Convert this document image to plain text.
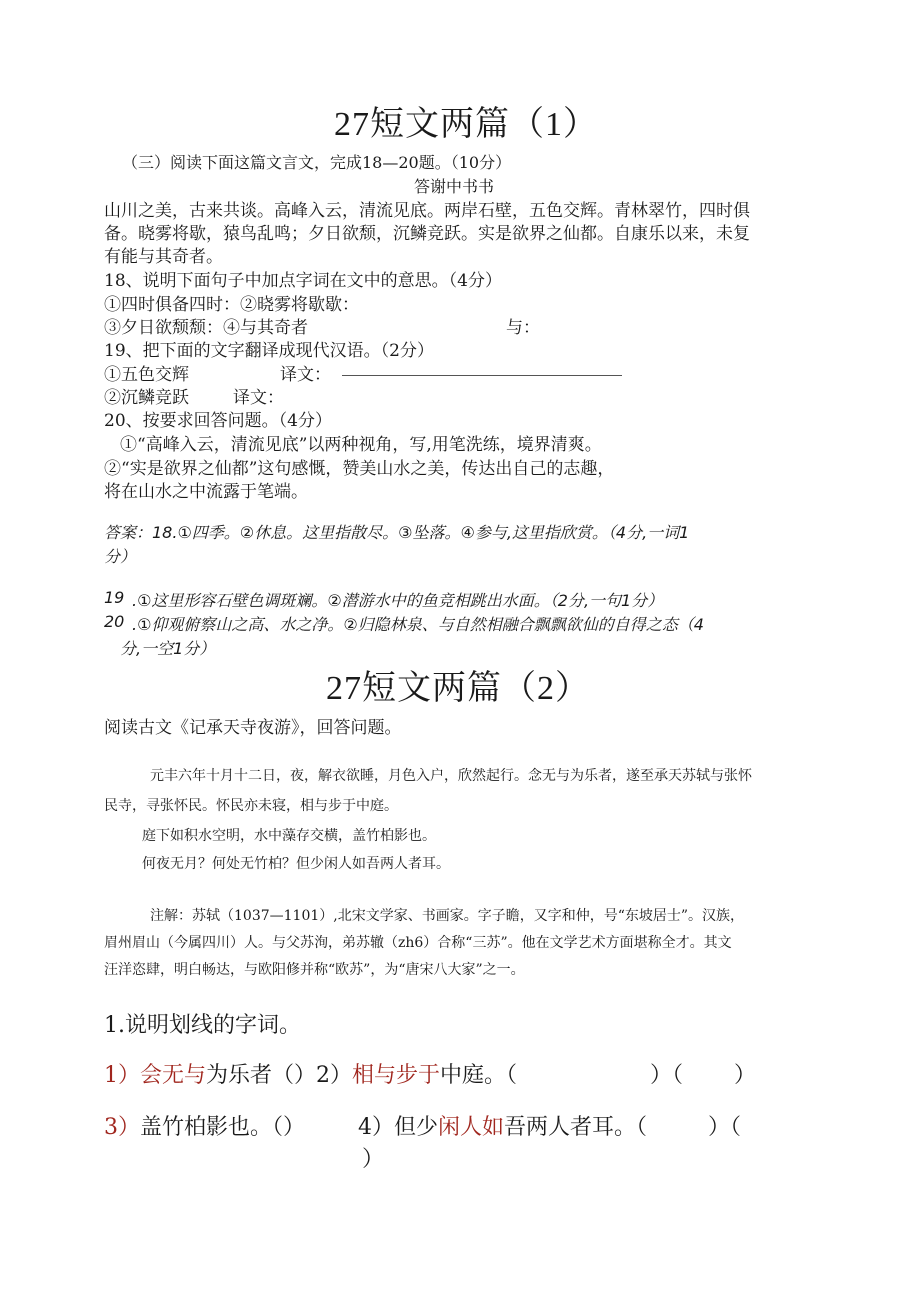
27短文两篇（1）
（三）阅读下面这篇文言文，完成18—20题。（10分）
答谢中书书
山川之美，古来共谈。高峰入云，清流见底。两岸石壁，五色交辉。青林翠竹，四时俱
备。晓雾将歇，猿鸟乱鸣；夕日欲颓，沉鳞竞跃。实是欲界之仙都。自康乐以来，未复
有能与其奇者。
18、说明下面句子中加点字词在文中的意思。（4分）
①四时俱备四时：②晓雾将歇歇：
③夕日欲颓颓：④与其奇者	与：
19、把下面的文字翻译成现代汉语。（2分）
①五色交辉	译文：
②沉鳞竞跃	译文：
20、按要求回答问题。（4分）
①“高峰入云，清流见底”以两种视角，写,用笔洗练，境界清爽。
②“实是欲界之仙都”这句感慨，赞美山水之美，传达出自己的志趣，
将在山水之中流露于笔端。
答案：18.①四季。②休息。这里指散尽。③坠落。④参与,这里指欣赏。（4分,一词1
分）
19 .①这里形容石壁色调斑斓。②潜游水中的鱼竞相跳出水面。（2分,一句1分）
20 .①仰观俯察山之高、水之净。②归隐林泉、与自然相融合飘飘欲仙的自得之态（4
分,一空1分）
27短文两篇（2）
阅读古文《记承天寺夜游》，回答问题。
元丰六年十月十二日，夜，解衣欲睡，月色入户，欣然起行。念无与为乐者，遂至承天苏轼与张怀
民寺，寻张怀民。怀民亦未寝，相与步于中庭。
庭下如积水空明，水中藻存交横，盖竹柏影也。
何夜无月？何处无竹柏？但少闲人如吾两人者耳。
注解：苏轼（1037—1101）,北宋文学家、书画家。字子瞻，又字和仲，号“东坡居士”。汉族，
眉州眉山（今属四川）人。与父苏洵，弟苏辙（zh6）合称“三苏”。他在文学艺术方面堪称全才。其文
汪洋恣肆，明白畅达，与欧阳修并称“欧苏”，为“唐宋八大家”之一。
1.说明划线的字词。
1）会无与为乐者（）2）相与步于中庭。（	）（ ）
3）盖竹柏影也。（） 4）但少闲人如吾两人者耳。（	）（
）
